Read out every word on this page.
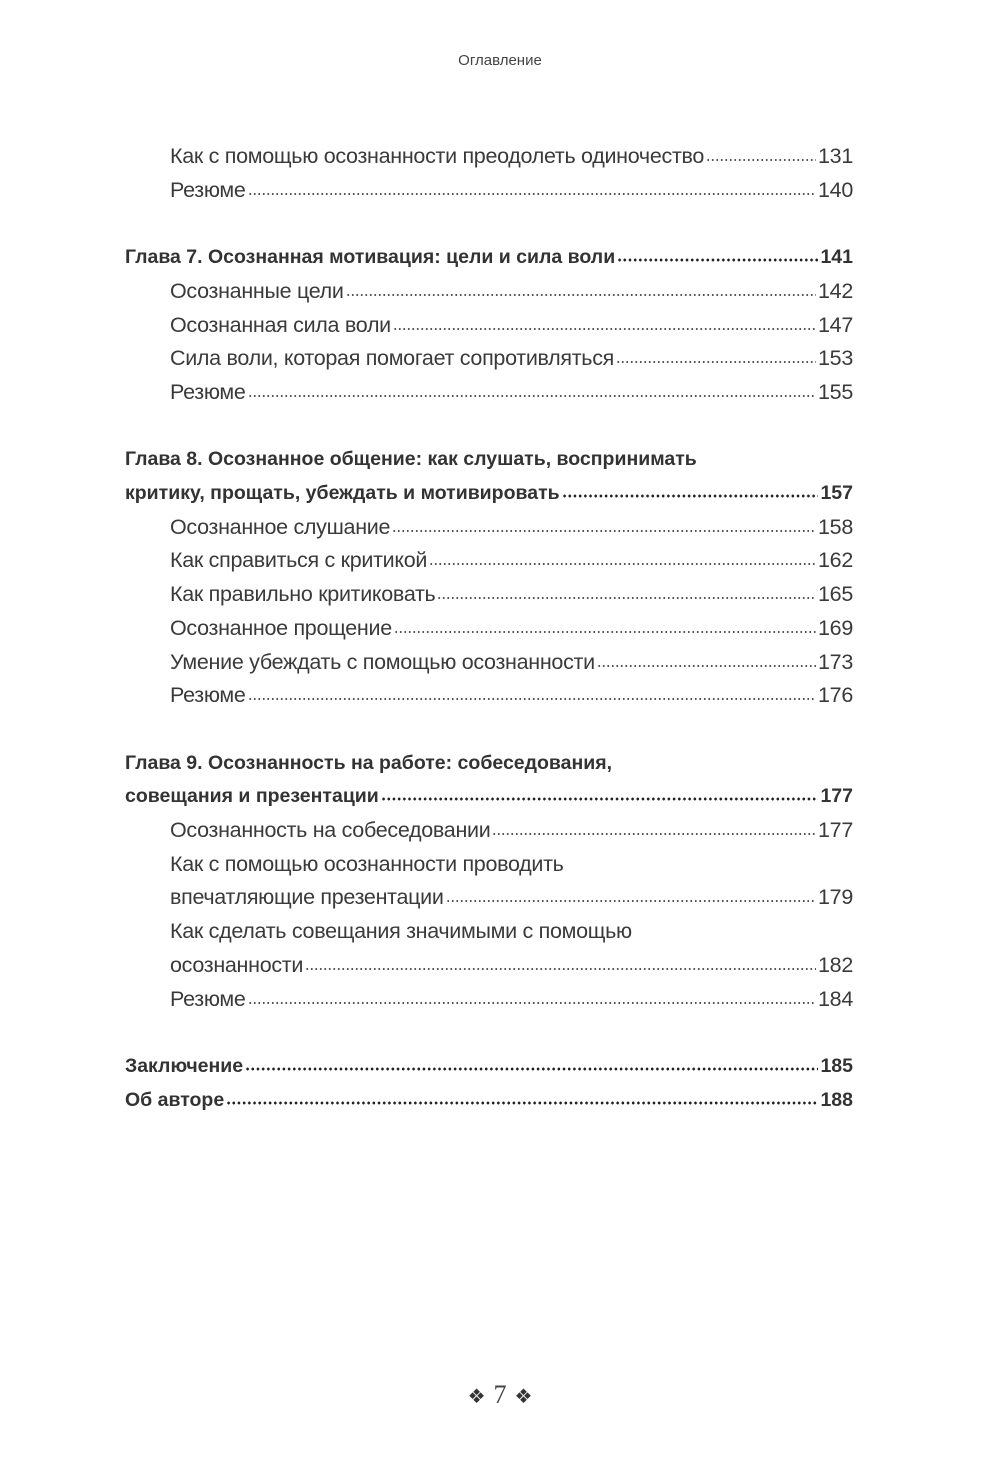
Оглавление
Как с помощью осознанности преодолеть одиночество	131
Резюме	140
Глава 7. Осознанная мотивация: цели и сила воли	141
Осознанные цели	142
Осознанная сила воли	147
Сила воли, которая помогает сопротивляться	153
Резюме	155
Глава 8. Осознанное общение: как слушать, воспринимать
критику, прощать, убеждать и мотивировать	157
Осознанное слушание	158
Как справиться с критикой	162
Как правильно критиковать	165
Осознанное прощение	169
Умение убеждать с помощью осознанности	173
Резюме	176
Глава 9. Осознанность на работе: собеседования,
совещания и презентации	177
Осознанность на собеседовании	177
Как с помощью осознанности проводить
впечатляющие презентации	179
Как сделать совещания значимыми с помощью
осознанности	182
Резюме	184
Заключение	185
Об авторе	188
❖ 7 ❖
